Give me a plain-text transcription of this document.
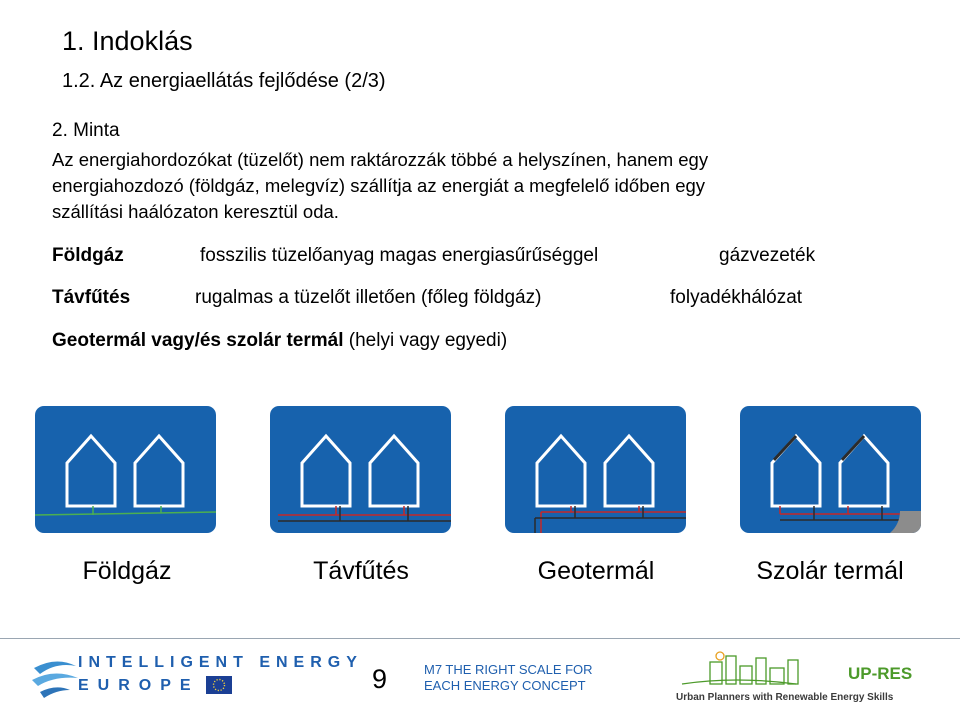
1. Indoklás
1.2. Az energiaellátás fejlődése (2/3)
2. Minta
Az energiahordozókat (tüzelőt) nem raktározzák többé a helyszínen, hanem egy
energiahozdozó (földgáz, melegvíz) szállítja az energiát a megfelelő időben egy
szállítási haálózaton keresztül oda.
Földgáz	fosszilis tüzelőanyag magas energiasűrűséggel	gázvezeték
Távfűtés	rugalmas a tüzelőt illetően (főleg földgáz)	folyadékhálózat
Geotermál vagy/és szolár termál (helyi vagy egyedi)
Földgáz	Távfűtés	Geotermál	Szolár termál
INTELLIGENT ENERGY
EUROPE	9	M7 THE RIGHT SCALE FOR
EACH ENERGY CONCEPT
UP-RES
Urban Planners with Renewable Energy Skills
